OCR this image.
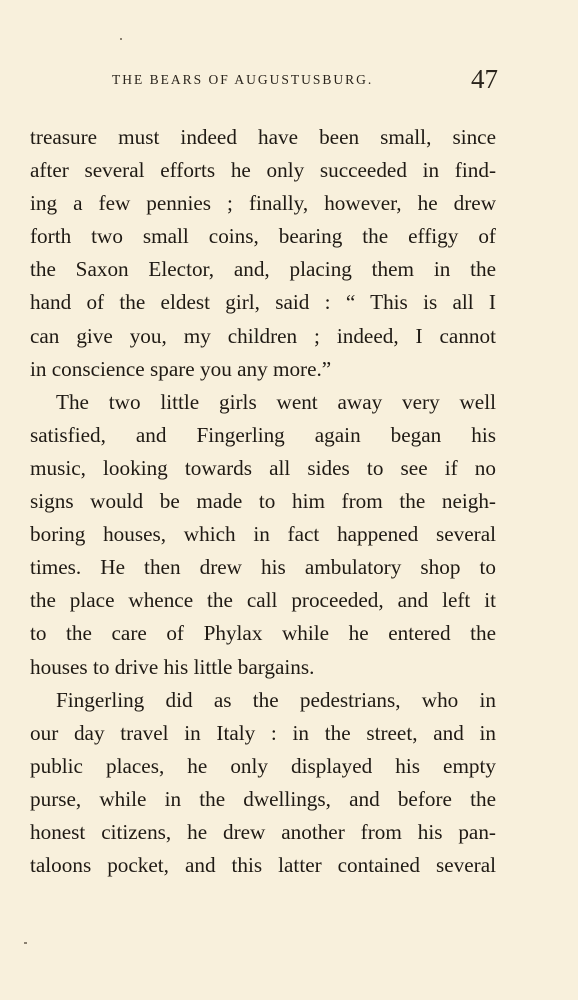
THE BEARS OF AUGUSTUSBURG.	47
treasure must indeed have been small, since
after several efforts he only succeeded in find-
ing a few pennies ; finally, however, he drew
forth two small coins, bearing the effigy of
the Saxon Elector, and, placing them in the
hand of the eldest girl, said : “ This is all I
can give you, my children ; indeed, I cannot
in conscience spare you any more.”
The two little girls went away very well
satisfied, and Fingerling again began his
music, looking towards all sides to see if no
signs would be made to him from the neigh-
boring houses, which in fact happened several
times. He then drew his ambulatory shop to
the place whence the call proceeded, and left it
to the care of Phylax while he entered the
houses to drive his little bargains.
Fingerling did as the pedestrians, who in
our day travel in Italy : in the street, and in
public places, he only displayed his empty
purse, while in the dwellings, and before the
honest citizens, he drew another from his pan-
taloons pocket, and this latter contained several
